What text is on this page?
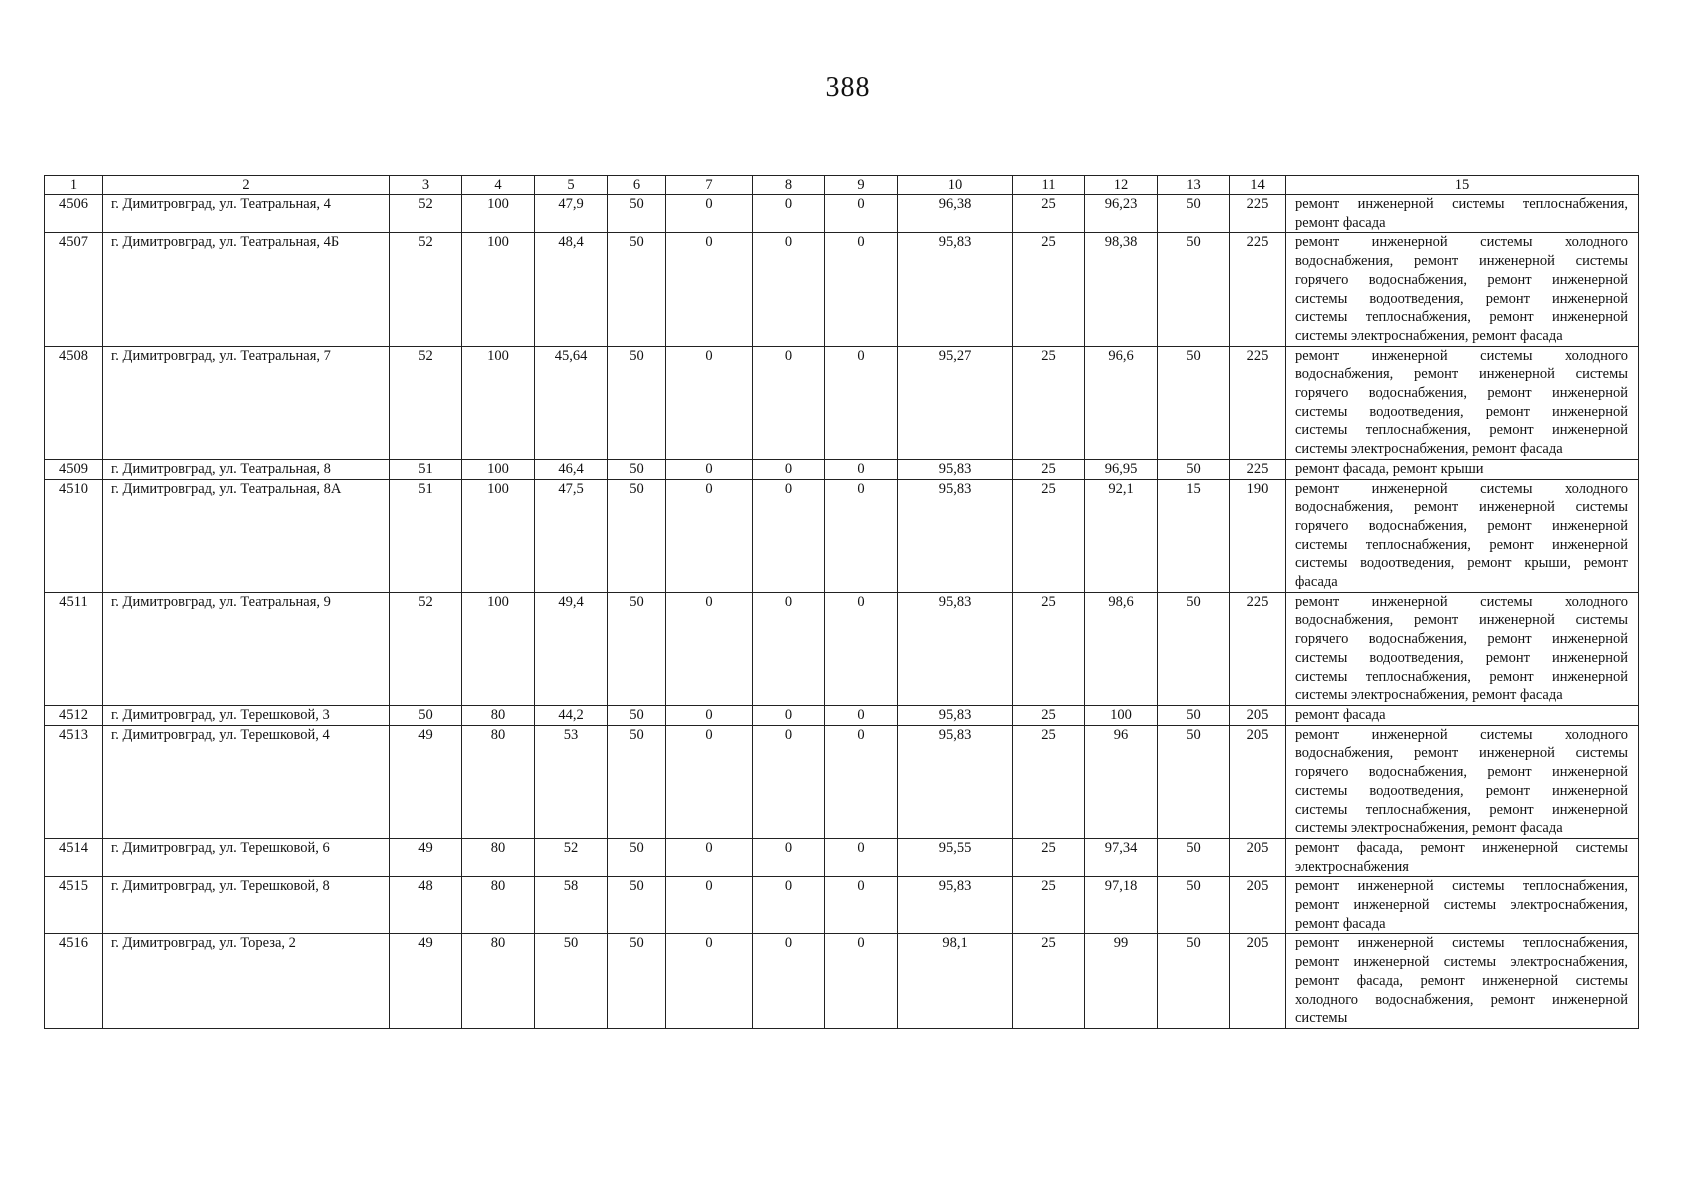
388
1	2	3	4	5	6	7	8	9	10	11	12	13	14	15
4506	г. Димитровград, ул. Театральная, 4	52	100	47,9	50	0	0	0	96,38	25	96,23	50	225	ремонт инженерной системы теплоснабжения, ремонт фасада
4507	г. Димитровград, ул. Театральная, 4Б	52	100	48,4	50	0	0	0	95,83	25	98,38	50	225	ремонт инженерной системы холодного водоснабжения, ремонт инженерной системы горячего водоснабжения, ремонт инженерной системы водоотведения, ремонт инженерной системы теплоснабжения, ремонт инженерной системы электроснабжения, ремонт фасада
4508	г. Димитровград, ул. Театральная, 7	52	100	45,64	50	0	0	0	95,27	25	96,6	50	225	ремонт инженерной системы холодного водоснабжения, ремонт инженерной системы горячего водоснабжения, ремонт инженерной системы водоотведения, ремонт инженерной системы теплоснабжения, ремонт инженерной системы электроснабжения, ремонт фасада
4509	г. Димитровград, ул. Театральная, 8	51	100	46,4	50	0	0	0	95,83	25	96,95	50	225	ремонт фасада, ремонт крыши
4510	г. Димитровград, ул. Театральная, 8А	51	100	47,5	50	0	0	0	95,83	25	92,1	15	190	ремонт инженерной системы холодного водоснабжения, ремонт инженерной системы горячего водоснабжения, ремонт инженерной системы теплоснабжения, ремонт инженерной системы водоотведения, ремонт крыши, ремонт фасада
4511	г. Димитровград, ул. Театральная, 9	52	100	49,4	50	0	0	0	95,83	25	98,6	50	225	ремонт инженерной системы холодного водоснабжения, ремонт инженерной системы горячего водоснабжения, ремонт инженерной системы водоотведения, ремонт инженерной системы теплоснабжения, ремонт инженерной системы электроснабжения, ремонт фасада
4512	г. Димитровград, ул. Терешковой, 3	50	80	44,2	50	0	0	0	95,83	25	100	50	205	ремонт фасада
4513	г. Димитровград, ул. Терешковой, 4	49	80	53	50	0	0	0	95,83	25	96	50	205	ремонт инженерной системы холодного водоснабжения, ремонт инженерной системы горячего водоснабжения, ремонт инженерной системы водоотведения, ремонт инженерной системы теплоснабжения, ремонт инженерной системы электроснабжения, ремонт фасада
4514	г. Димитровград, ул. Терешковой, 6	49	80	52	50	0	0	0	95,55	25	97,34	50	205	ремонт фасада, ремонт инженерной системы электроснабжения
4515	г. Димитровград, ул. Терешковой, 8	48	80	58	50	0	0	0	95,83	25	97,18	50	205	ремонт инженерной системы теплоснабжения, ремонт инженерной системы электроснабжения, ремонт фасада
4516	г. Димитровград, ул. Тореза, 2	49	80	50	50	0	0	0	98,1	25	99	50	205	ремонт инженерной системы теплоснабжения, ремонт инженерной системы электроснабжения, ремонт фасада, ремонт инженерной системы холодного водоснабжения, ремонт инженерной системы
